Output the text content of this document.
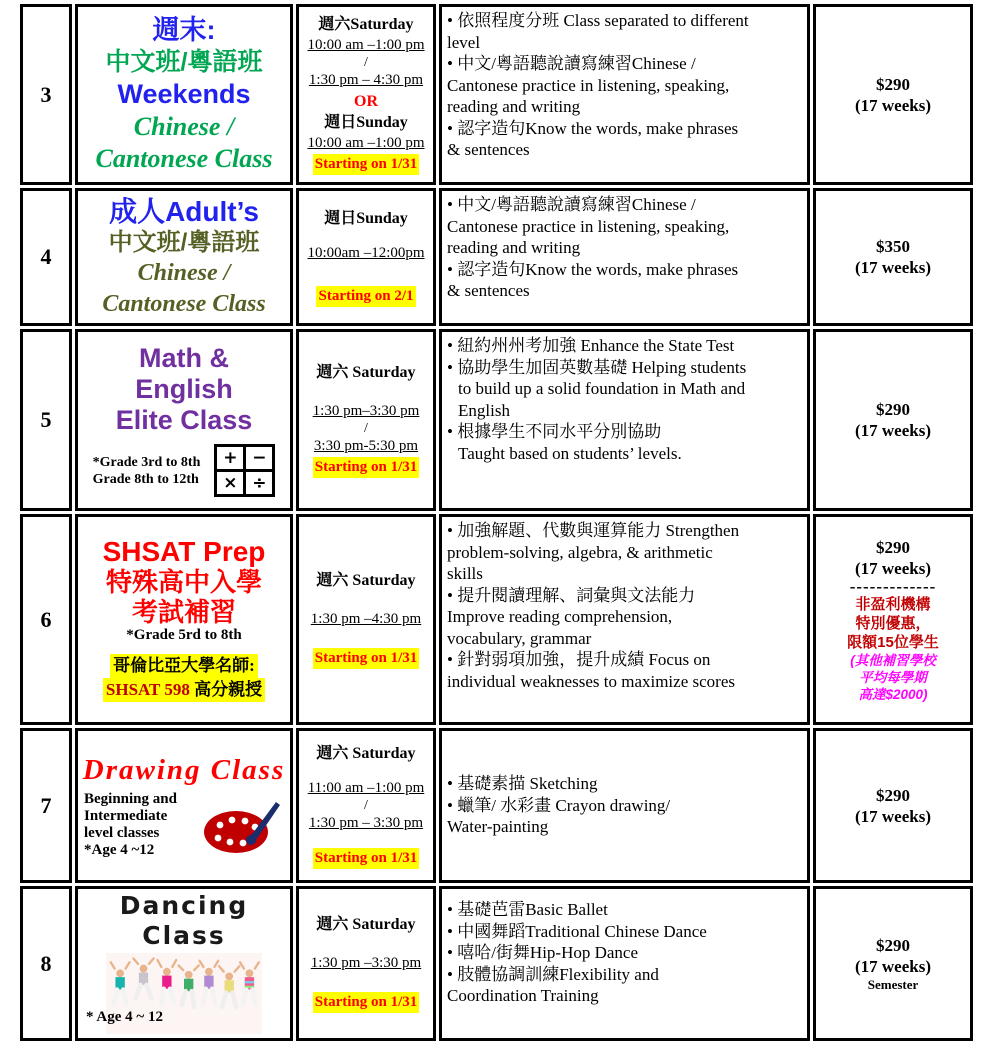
3
週末:
中文班/粵語班
Weekends
Chinese /
Cantonese Class
週六Saturday
10:00 am –1:00 pm
/
1:30 pm – 4:30 pm
OR
週日Sunday
10:00 am –1:00 pm
Starting on 1/31
• 依照程度分班 Class separated to different
level
• 中文/粵語聽說讀寫練習Chinese /
Cantonese practice in listening, speaking,
reading and writing
• 認字造句Know the words, make phrases
& sentences
$290
(17 weeks)
4
成人Adult’s
中文班/粵語班
Chinese /
Cantonese Class
週日Sunday
10:00am –12:00pm
Starting on 2/1
• 中文/粵語聽說讀寫練習Chinese /
Cantonese practice in listening, speaking,
reading and writing
• 認字造句Know the words, make phrases
& sentences
$350
(17 weeks)
5
Math &
English
Elite Class
*Grade 3rd to 8th
Grade 8th to 12th
+ −
× ÷
週六 Saturday
1:30 pm–3:30 pm
/
3:30 pm-5:30 pm
Starting on 1/31
• 紐約州州考加強 Enhance the State Test
• 協助學生加固英數基礎 Helping students
to build up a solid foundation in Math and
English
• 根據學生不同水平分別協助
Taught based on students’ levels.
$290
(17 weeks)
6
SHSAT Prep
特殊高中入學
考試補習
*Grade 5rd to 8th
哥倫比亞大學名師:
SHSAT 598 高分親授
週六 Saturday
1:30 pm –4:30 pm
Starting on 1/31
• 加強解題、代數與運算能力 Strengthen
problem-solving, algebra, & arithmetic
skills
• 提升閱讀理解、詞彙與文法能力
Improve reading comprehension,
vocabulary, grammar
• 針對弱項加強，提升成績 Focus on
individual weaknesses to maximize scores
$290
(17 weeks)
-------------
非盈利機構
特別優惠，
限額15位學生
(其他補習學校
平均每學期
高達$2000)
7
Drawing Class
Beginning and Intermediate
level classes
*Age 4 ~12
週六 Saturday
11:00 am –1:00 pm
/
1:30 pm – 3:30 pm
Starting on 1/31
• 基礎素描 Sketching
• 蠟筆/ 水彩畫 Crayon drawing/
Water-painting
$290
(17 weeks)
8
Dancing Class
* Age 4 ~ 12
週六 Saturday
1:30 pm –3:30 pm
Starting on 1/31
• 基礎芭雷Basic Ballet
• 中國舞蹈Traditional Chinese Dance
• 嘻哈/街舞Hip-Hop Dance
• 肢體協調訓練Flexibility and
Coordination Training
$290
(17 weeks)
Semester
